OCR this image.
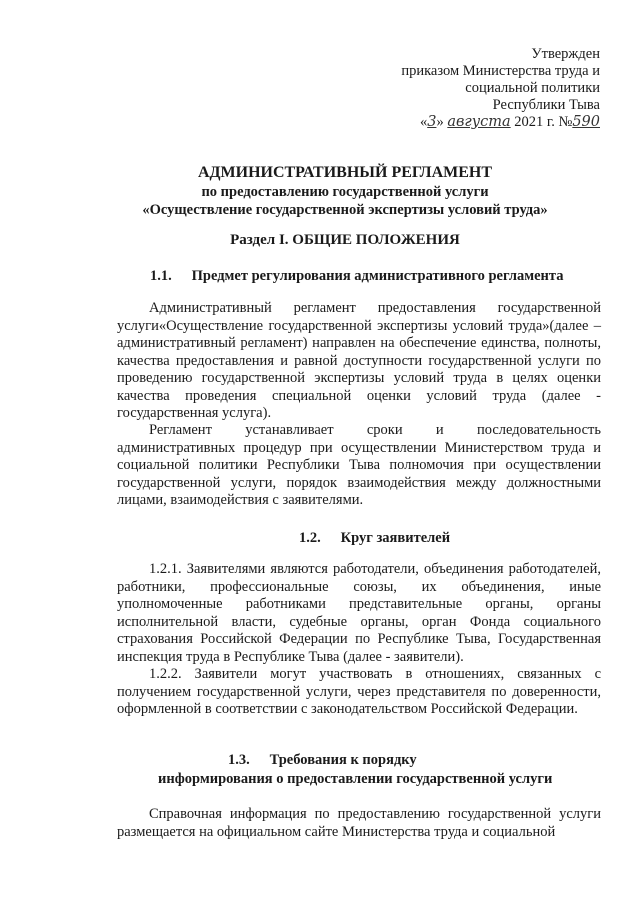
Утвержден
приказом Министерства труда и
социальной политики
Республики Тыва
«3» августа 2021 г. №590
АДМИНИСТРАТИВНЫЙ РЕГЛАМЕНТ
по предоставлению государственной услуги
«Осуществление государственной экспертизы условий труда»
Раздел I. ОБЩИЕ ПОЛОЖЕНИЯ
1.1. Предмет регулирования административного регламента
Административный регламент предоставления государственной услуги«Осуществление государственной экспертизы условий труда»(далее – административный регламент) направлен на обеспечение единства, полноты, качества предоставления и равной доступности государственной услуги по проведению государственной экспертизы условий труда в целях оценки качества проведения специальной оценки условий труда (далее - государственная услуга).
Регламент устанавливает сроки и последовательность административных процедур при осуществлении Министерством труда и социальной политики Республики Тыва полномочия при осуществлении государственной услуги, порядок взаимодействия между должностными лицами, взаимодействия с заявителями.
1.2. Круг заявителей
1.2.1. Заявителями являются работодатели, объединения работодателей, работники, профессиональные союзы, их объединения, иные уполномоченные работниками представительные органы, органы исполнительной власти, судебные органы, орган Фонда социального страхования Российской Федерации по Республике Тыва, Государственная инспекция труда в Республике Тыва (далее - заявители).
1.2.2. Заявители могут участвовать в отношениях, связанных с получением государственной услуги, через представителя по доверенности, оформленной в соответствии с законодательством Российской Федерации.
1.3. Требования к порядку
информирования о предоставлении государственной услуги
Справочная информация по предоставлению государственной услуги размещается на официальном сайте Министерства труда и социальной
